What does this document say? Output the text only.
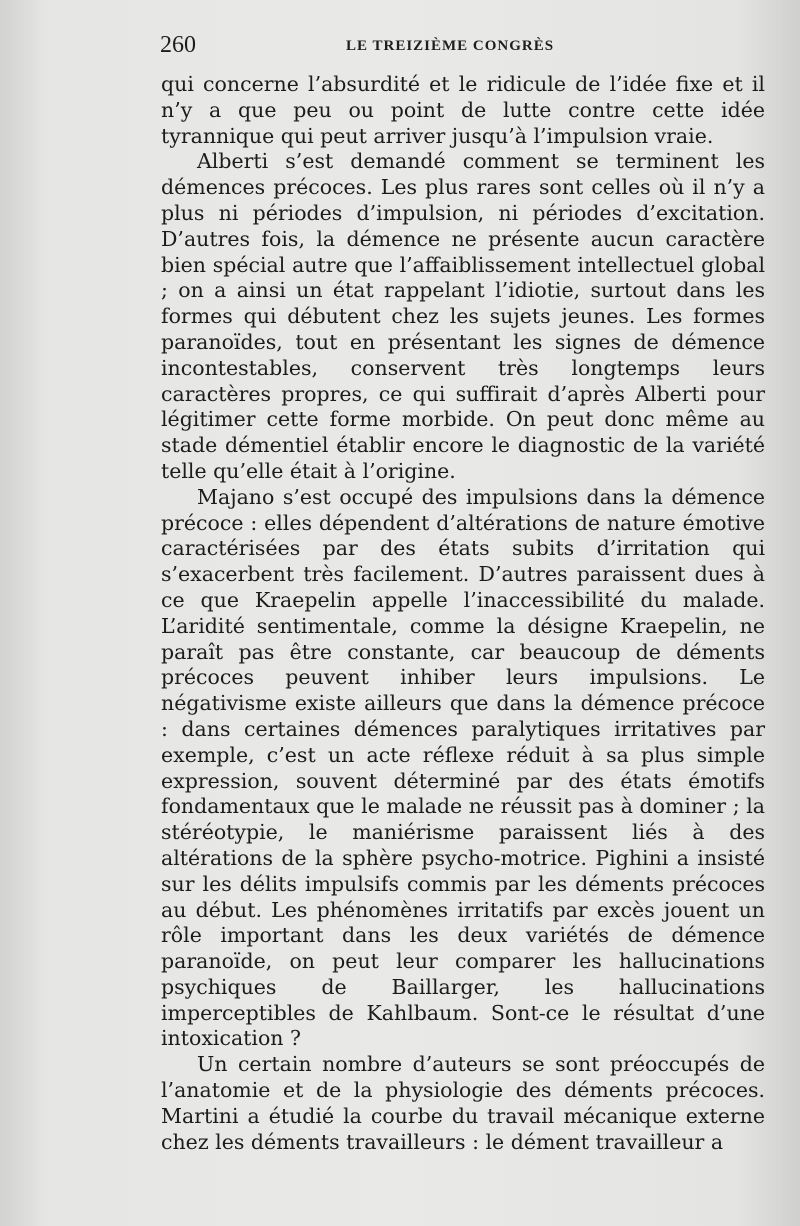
260	LE TREIZIÈME CONGRÈS

qui concerne l’absurdité et le ridicule de l’idée fixe et il n’y a que peu ou point de lutte contre cette idée tyrannique qui peut arriver jusqu’à l’impulsion vraie.

Alberti s’est demandé comment se terminent les démences précoces. Les plus rares sont celles où il n’y a plus ni périodes d’impulsion, ni périodes d’excitation. D’autres fois, la démence ne présente aucun caractère bien spécial autre que l’affaiblissement intellectuel global ; on a ainsi un état rappelant l’idiotie, surtout dans les formes qui débutent chez les sujets jeunes. Les formes paranoïdes, tout en présentant les signes de démence incontestables, conservent très longtemps leurs caractères propres, ce qui suffirait d’après Alberti pour légitimer cette forme morbide. On peut donc même au stade démentiel établir encore le diagnostic de la variété telle qu’elle était à l’origine.

Majano s’est occupé des impulsions dans la démence précoce : elles dépendent d’altérations de nature émotive caractérisées par des états subits d’irritation qui s’exacerbent très facilement. D’autres paraissent dues à ce que Kraepelin appelle l’inaccessibilité du malade. L’aridité sentimentale, comme la désigne Kraepelin, ne paraît pas être constante, car beaucoup de déments précoces peuvent inhiber leurs impulsions. Le négativisme existe ailleurs que dans la démence précoce : dans certaines démences paralytiques irritatives par exemple, c’est un acte réflexe réduit à sa plus simple expression, souvent déterminé par des états émotifs fondamentaux que le malade ne réussit pas à dominer ; la stéréotypie, le maniérisme paraissent liés à des altérations de la sphère psycho-motrice. Pighini a insisté sur les délits impulsifs commis par les déments précoces au début. Les phénomènes irritatifs par excès jouent un rôle important dans les deux variétés de démence paranoïde, on peut leur comparer les hallucinations psychiques de Baillarger, les hallucinations imperceptibles de Kahlbaum. Sont-ce le résultat d’une intoxication ?

Un certain nombre d’auteurs se sont préoccupés de l’anatomie et de la physiologie des déments précoces. Martini a étudié la courbe du travail mécanique externe chez les déments travailleurs : le dément travailleur a
